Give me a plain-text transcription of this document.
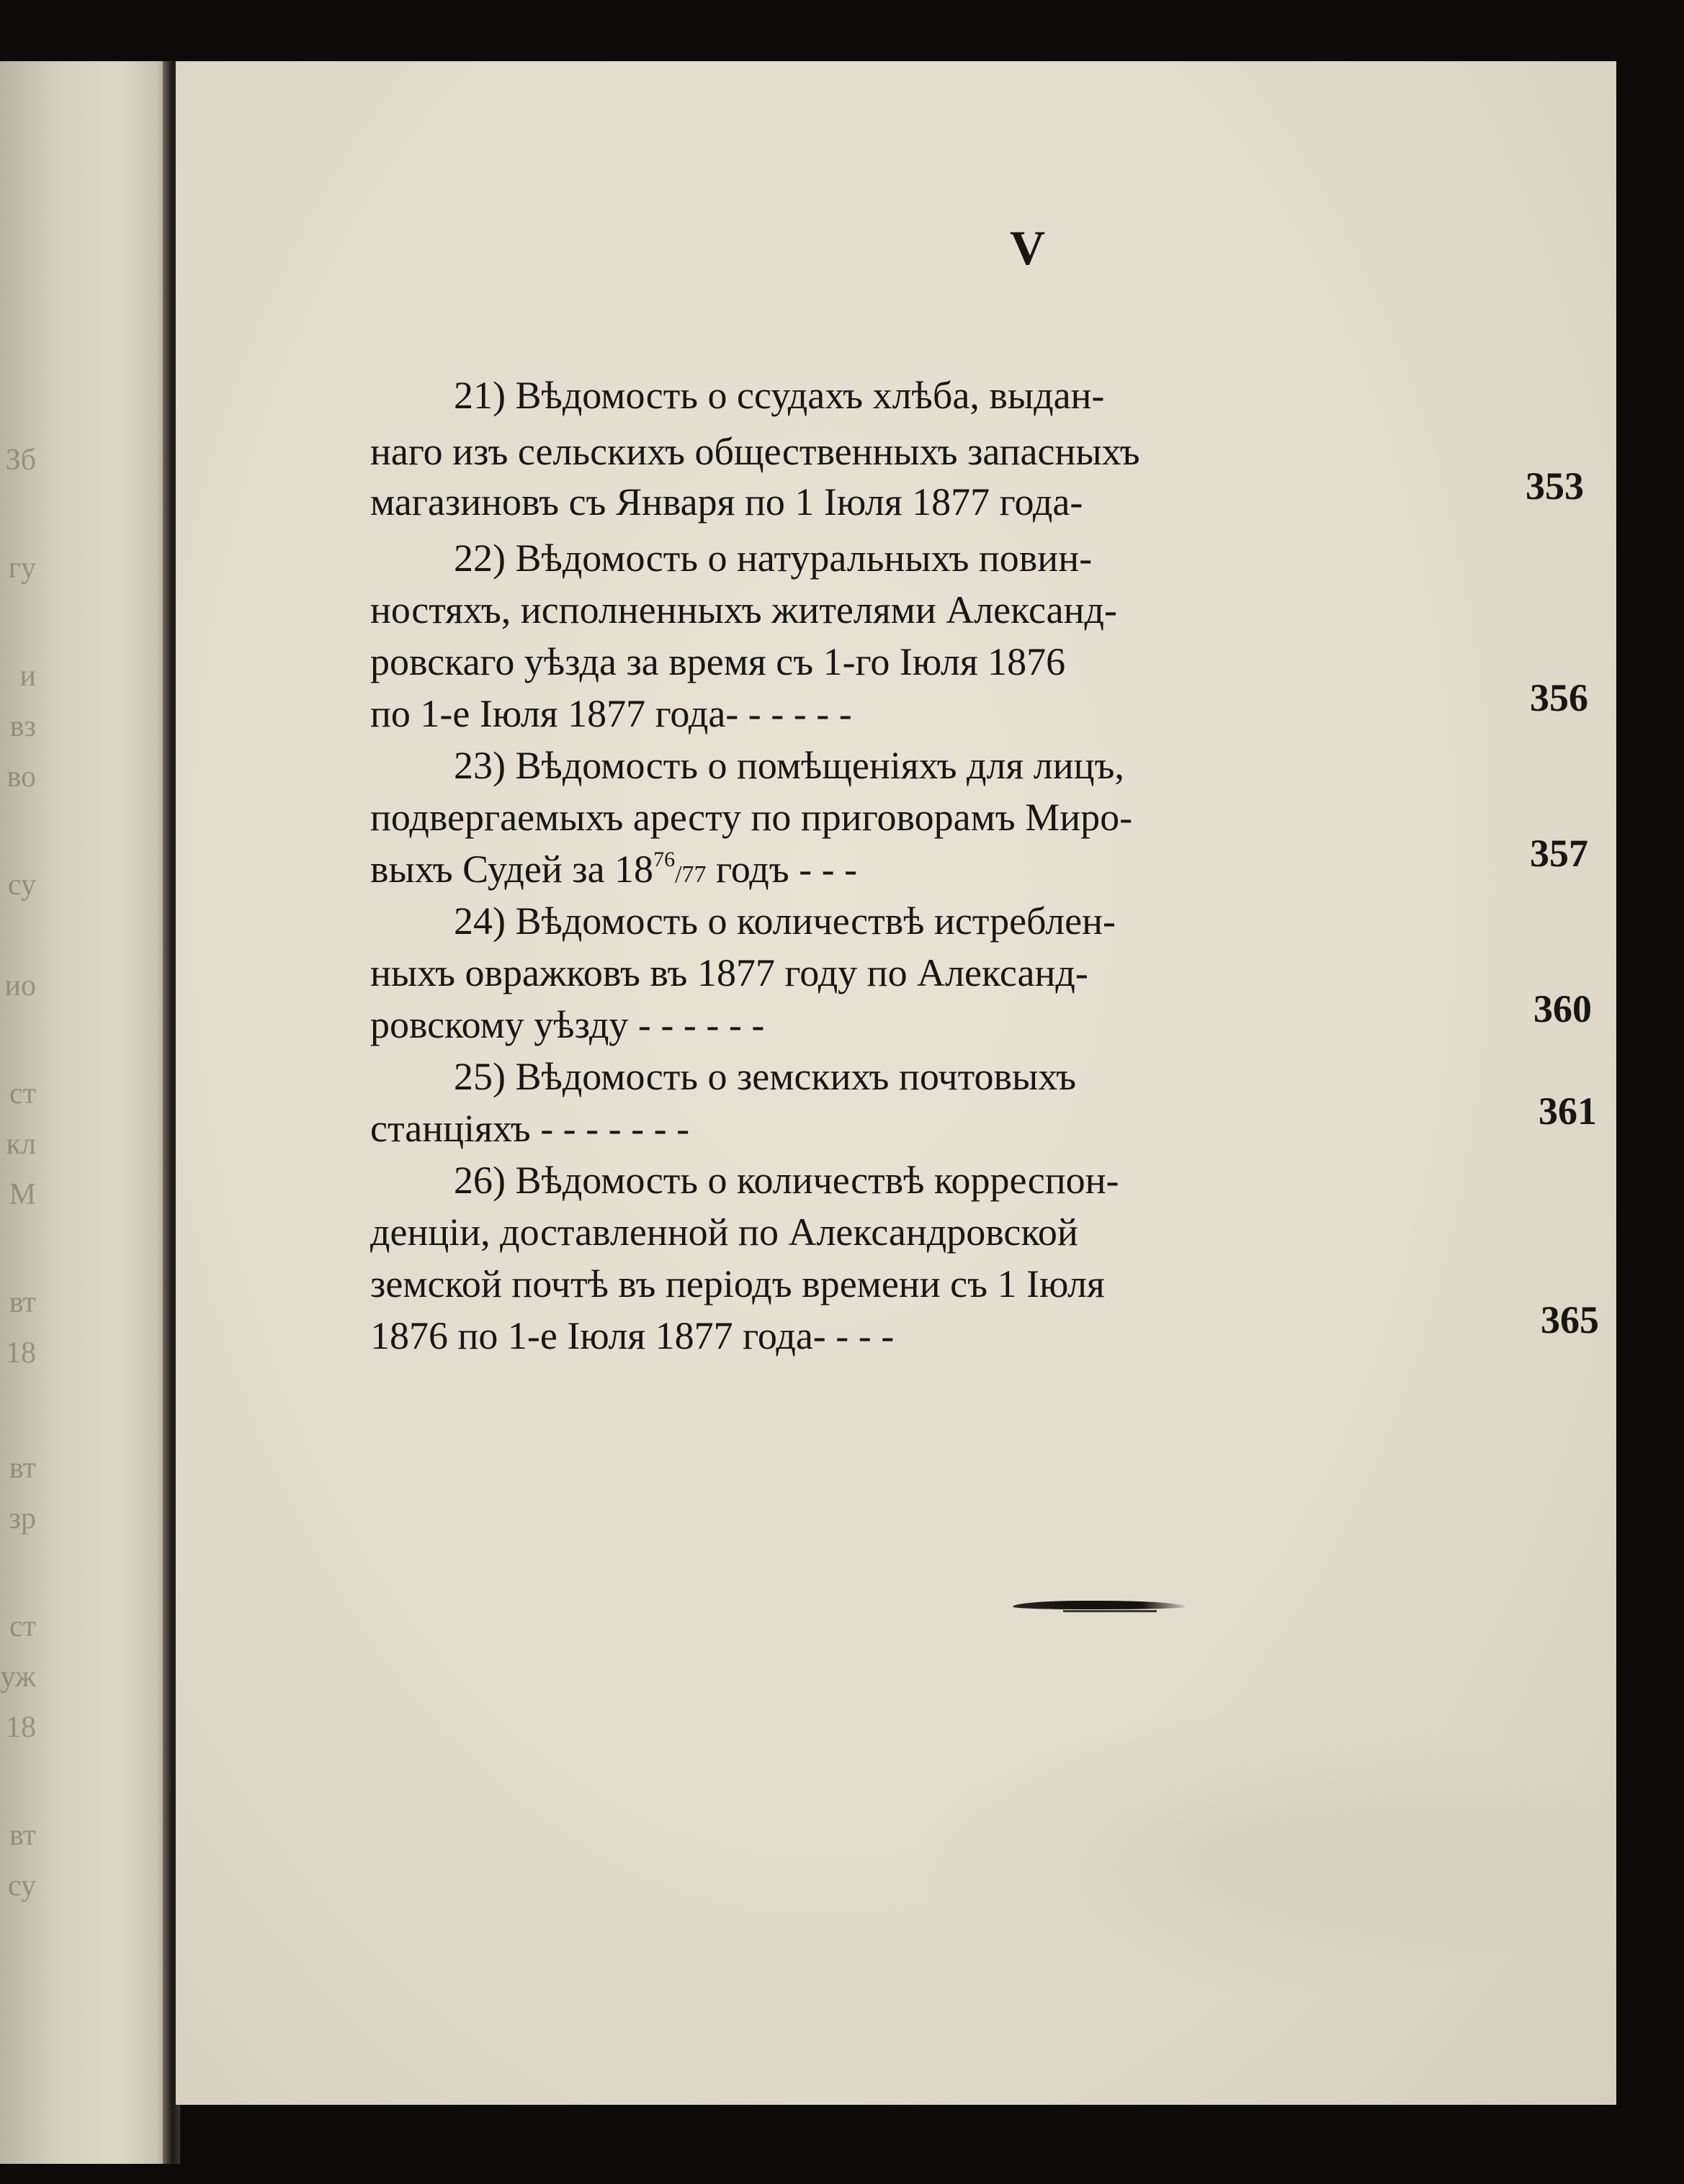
Зб
гу
и
вз
во
су
ио
ст
кл
М
вт
18
вт
зр
ст
уж
18
вт
су
V
21) Вѣдомость о ссудахъ хлѣба, выдан-
наго изъ сельскихъ общественныхъ запасныхъ
магазиновъ съ Января по 1 Іюля 1877 года-	353
22) Вѣдомость о натуральныхъ повин-
ностяхъ, исполненныхъ жителями Александ-
ровскаго уѣзда за время съ 1-го Іюля 1876
по 1-е Іюля 1877 года- - - - - -	356
23) Вѣдомость о помѣщеніяхъ для лицъ,
подвергаемыхъ аресту по приговорамъ Миро-
выхъ Судей за $18^{76}/77$ годъ - - -	357
24) Вѣдомость о количествѣ истреблен-
ныхъ овражковъ въ 1877 году по Александ-
ровскому уѣзду - - - - - -	360
25) Вѣдомость о земскихъ почтовыхъ
станціяхъ - - - - - - -	361
26) Вѣдомость о количествѣ корреспон-
денціи, доставленной по Александровской
земской почтѣ въ періодъ времени съ 1 Іюля
1876 по 1-е Іюля 1877 года- - - -	365
